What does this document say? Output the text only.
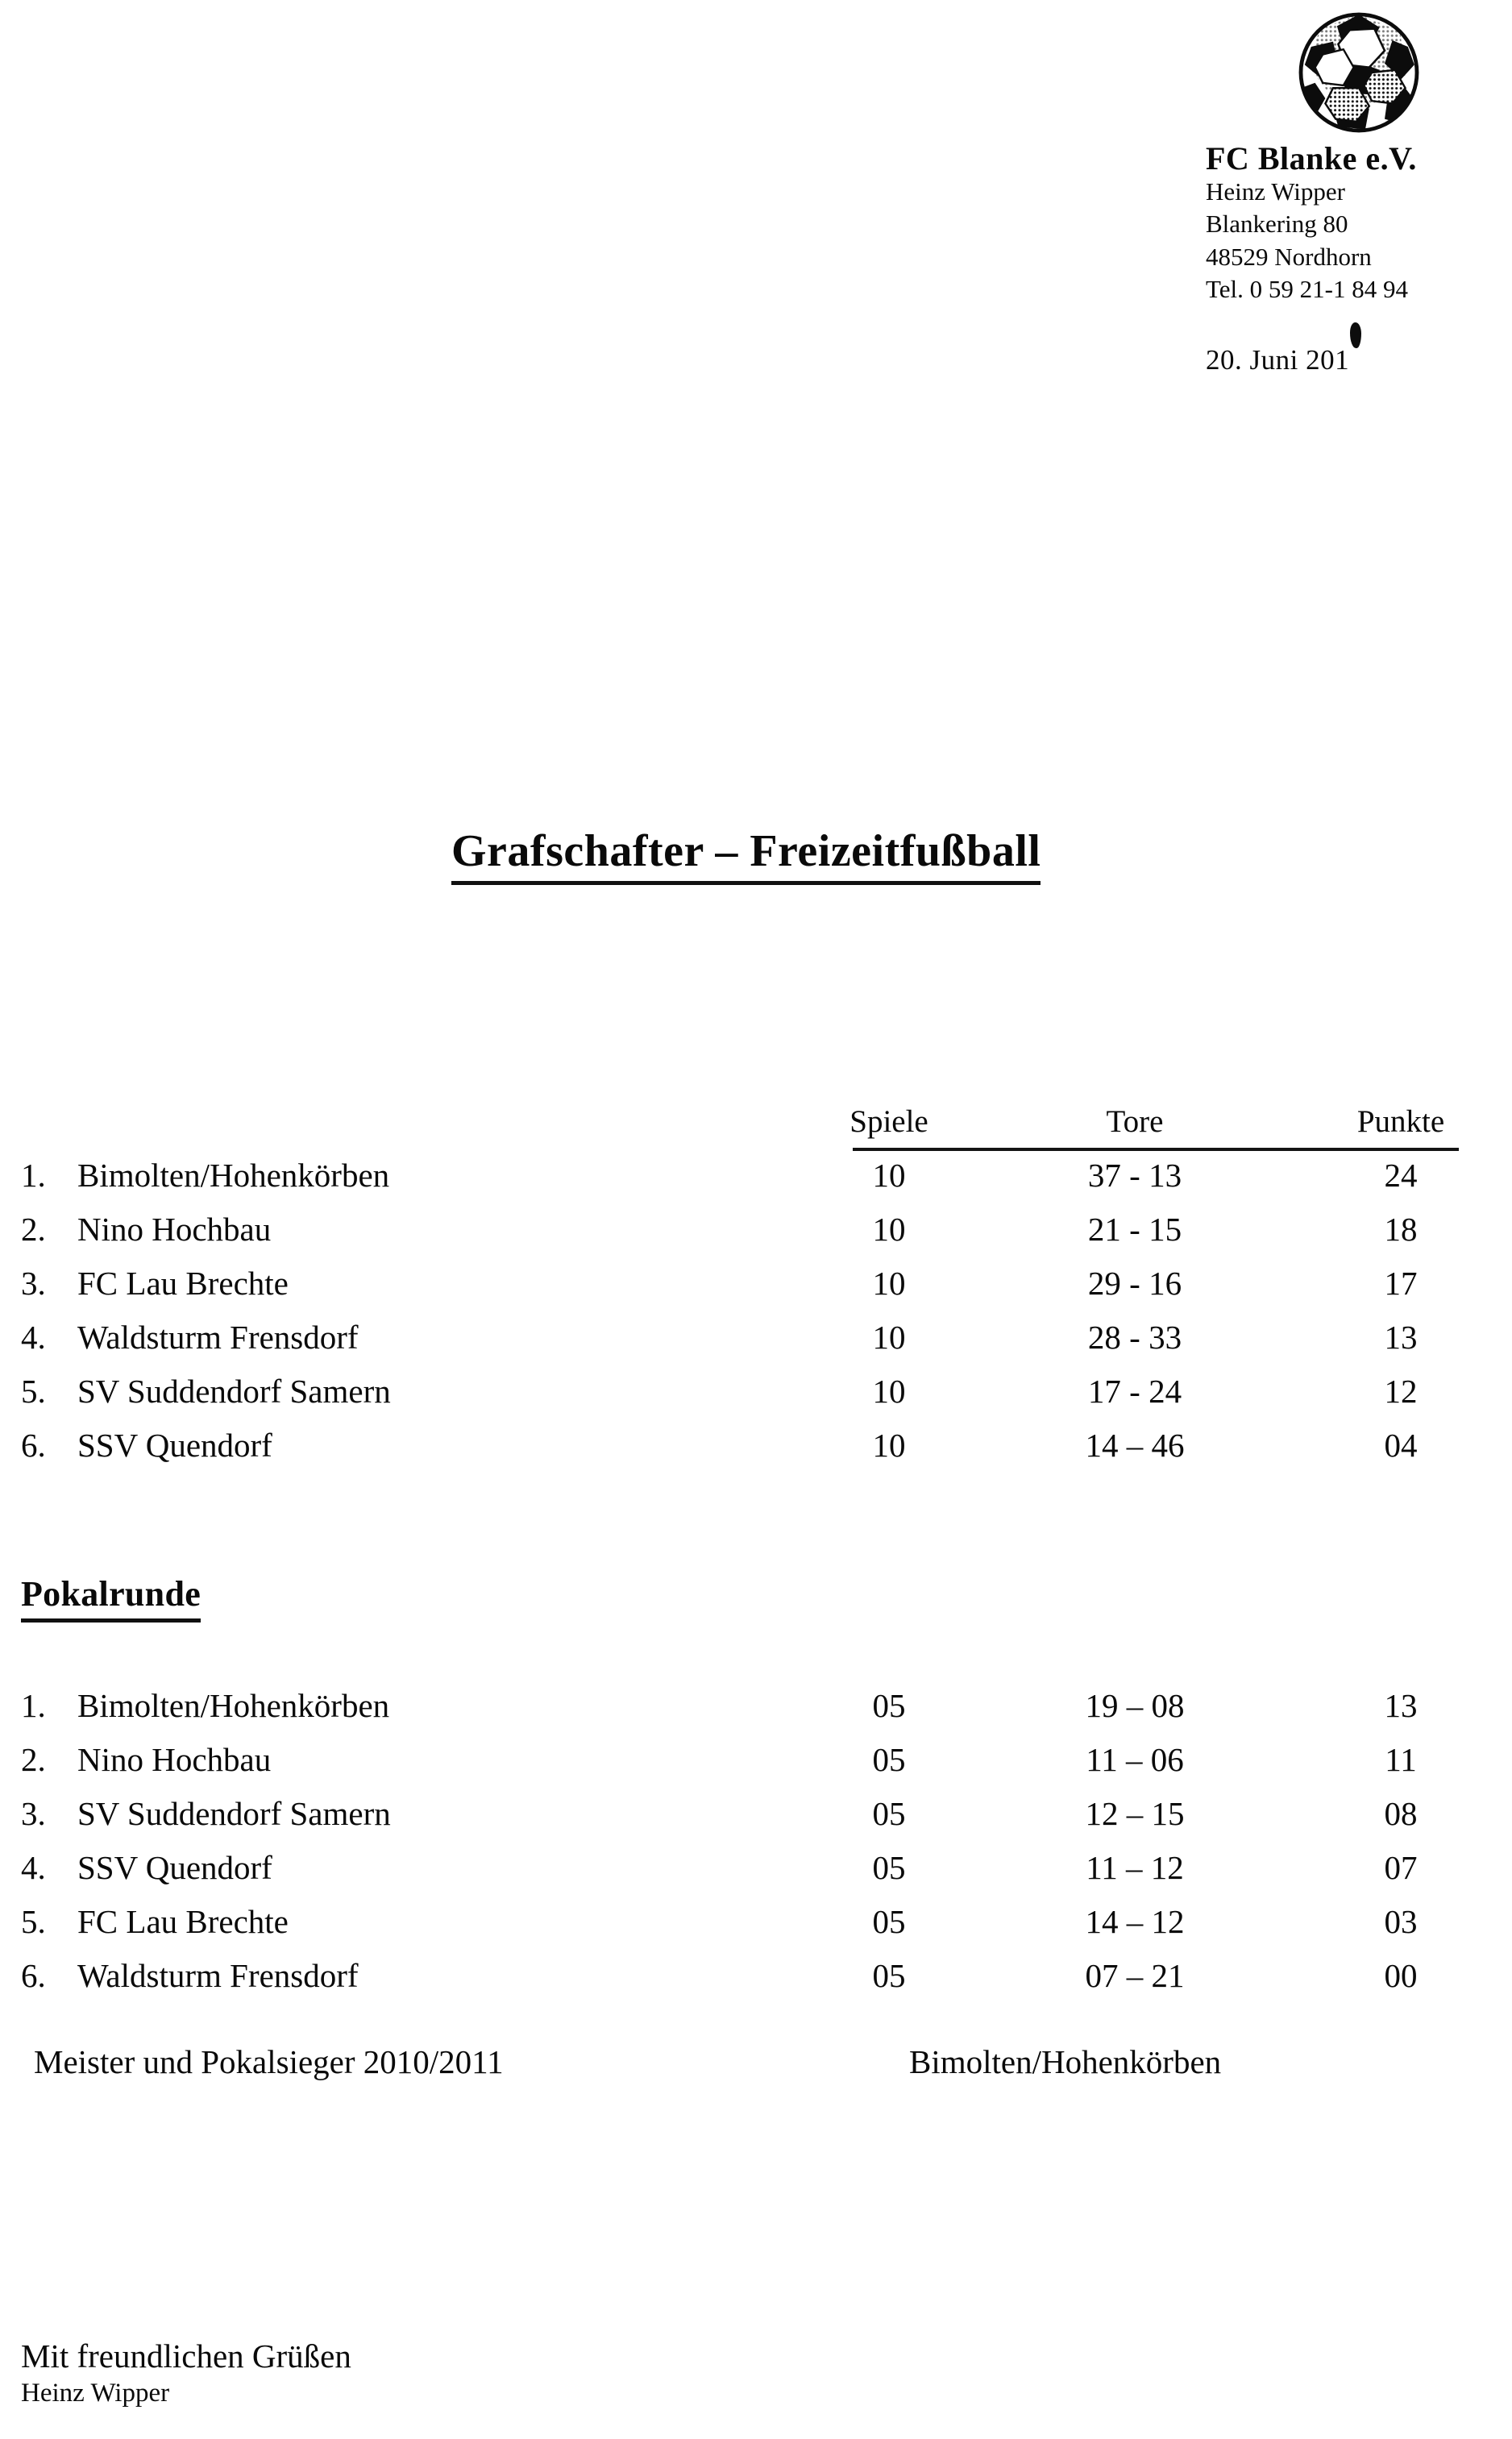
FC Blanke e.V.
Heinz Wipper
Blankering 80
48529 Nordhorn
Tel. 0 59 21-1 84 94
20. Juni 201
Grafschafter – Freizeitfußball
Spiele	Tore	Punkte
1. Bimolten/Hohenkörben	10	37 - 13	24
2. Nino Hochbau	10	21 - 15	18
3. FC Lau Brechte	10	29 - 16	17
4. Waldsturm Frensdorf	10	28 - 33	13
5. SV Suddendorf Samern	10	17 - 24	12
6. SSV Quendorf	10	14 – 46	04
Pokalrunde
1. Bimolten/Hohenkörben	05	19 – 08	13
2. Nino Hochbau	05	11 – 06	11
3. SV Suddendorf Samern	05	12 – 15	08
4. SSV Quendorf	05	11 – 12	07
5. FC Lau Brechte	05	14 – 12	03
6. Waldsturm Frensdorf	05	07 – 21	00
Meister und Pokalsieger 2010/2011	Bimolten/Hohenkörben
Mit freundlichen Grüßen
Heinz Wipper
